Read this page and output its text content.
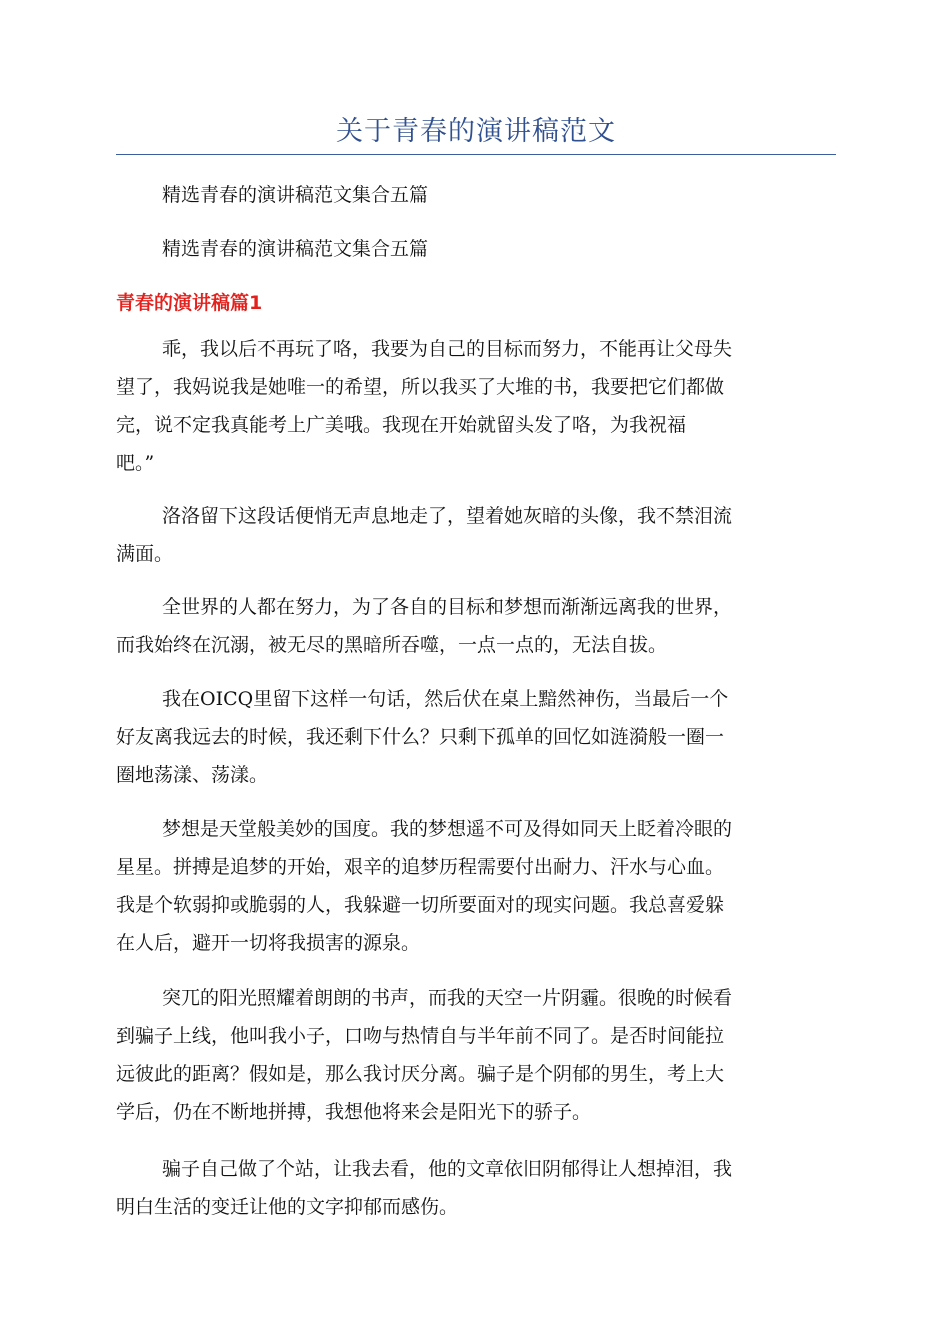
关于青春的演讲稿范文
精选青春的演讲稿范文集合五篇
精选青春的演讲稿范文集合五篇
青春的演讲稿篇1
乖，我以后不再玩了咯，我要为自己的目标而努力，不能再让父母失
望了，我妈说我是她唯一的希望，所以我买了大堆的书，我要把它们都做
完，说不定我真能考上广美哦。我现在开始就留头发了咯，为我祝福
吧。”
洛洛留下这段话便悄无声息地走了，望着她灰暗的头像，我不禁泪流
满面。
全世界的人都在努力，为了各自的目标和梦想而渐渐远离我的世界，
而我始终在沉溺，被无尽的黑暗所吞噬，一点一点的，无法自拔。
我在OICQ里留下这样一句话，然后伏在桌上黯然神伤，当最后一个
好友离我远去的时候，我还剩下什么？只剩下孤单的回忆如涟漪般一圈一
圈地荡漾、荡漾。
梦想是天堂般美妙的国度。我的梦想遥不可及得如同天上眨着冷眼的
星星。拼搏是追梦的开始，艰辛的追梦历程需要付出耐力、汗水与心血。
我是个软弱抑或脆弱的人，我躲避一切所要面对的现实问题。我总喜爱躲
在人后，避开一切将我损害的源泉。
突兀的阳光照耀着朗朗的书声，而我的天空一片阴霾。很晚的时候看
到骗子上线，他叫我小子，口吻与热情自与半年前不同了。是否时间能拉
远彼此的距离？假如是，那么我讨厌分离。骗子是个阴郁的男生，考上大
学后，仍在不断地拼搏，我想他将来会是阳光下的骄子。
骗子自己做了个站，让我去看，他的文章依旧阴郁得让人想掉泪，我
明白生活的变迁让他的文字抑郁而感伤。
